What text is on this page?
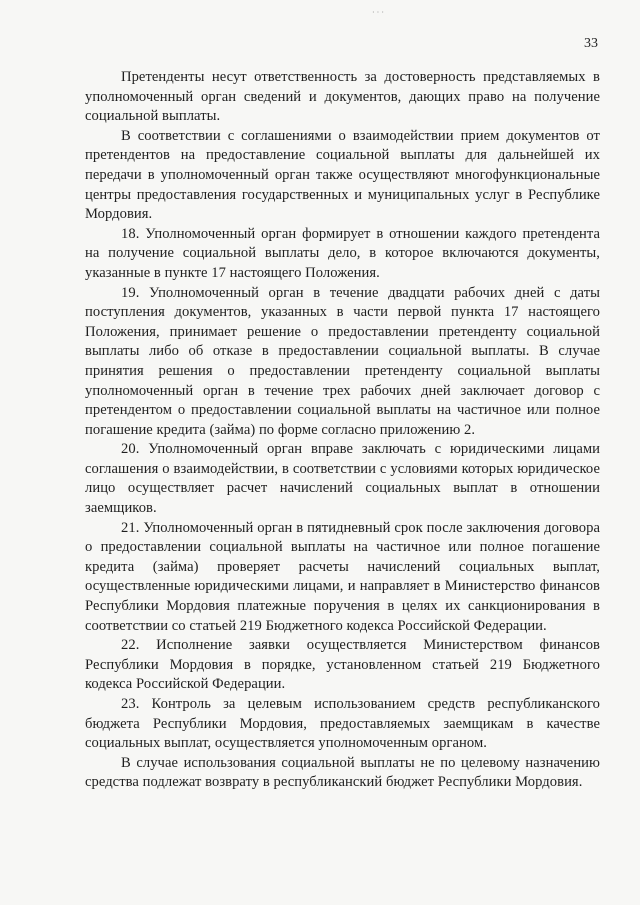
· · ·
33

Претенденты несут ответственность за достоверность представляемых в уполномоченный орган сведений и документов, дающих право на получение социальной выплаты.

В соответствии с соглашениями о взаимодействии прием документов от претендентов на предоставление социальной выплаты для дальнейшей их передачи в уполномоченный орган также осуществляют многофункциональные центры предоставления государственных и муниципальных услуг в Республике Мордовия.

18. Уполномоченный орган формирует в отношении каждого претендента на получение социальной выплаты дело, в которое включаются документы, указанные в пункте 17 настоящего Положения.

19. Уполномоченный орган в течение двадцати рабочих дней с даты поступления документов, указанных в части первой пункта 17 настоящего Положения, принимает решение о предоставлении претенденту социальной выплаты либо об отказе в предоставлении социальной выплаты. В случае принятия решения о предоставлении претенденту социальной выплаты уполномоченный орган в течение трех рабочих дней заключает договор с претендентом о предоставлении социальной выплаты на частичное или полное погашение кредита (займа) по форме согласно приложению 2.

20. Уполномоченный орган вправе заключать с юридическими лицами соглашения о взаимодействии, в соответствии с условиями которых юридическое лицо осуществляет расчет начислений социальных выплат в отношении заемщиков.

21. Уполномоченный орган в пятидневный срок после заключения договора о предоставлении социальной выплаты на частичное или полное погашение кредита (займа) проверяет расчеты начислений социальных выплат, осуществленные юридическими лицами, и направляет в Министерство финансов Республики Мордовия платежные поручения в целях их санкционирования в соответствии со статьей 219 Бюджетного кодекса Российской Федерации.

22. Исполнение заявки осуществляется Министерством финансов Республики Мордовия в порядке, установленном статьей 219 Бюджетного кодекса Российской Федерации.

23. Контроль за целевым использованием средств республиканского бюджета Республики Мордовия, предоставляемых заемщикам в качестве социальных выплат, осуществляется уполномоченным органом.

В случае использования социальной выплаты не по целевому назначению средства подлежат возврату в республиканский бюджет Республики Мордовия.
